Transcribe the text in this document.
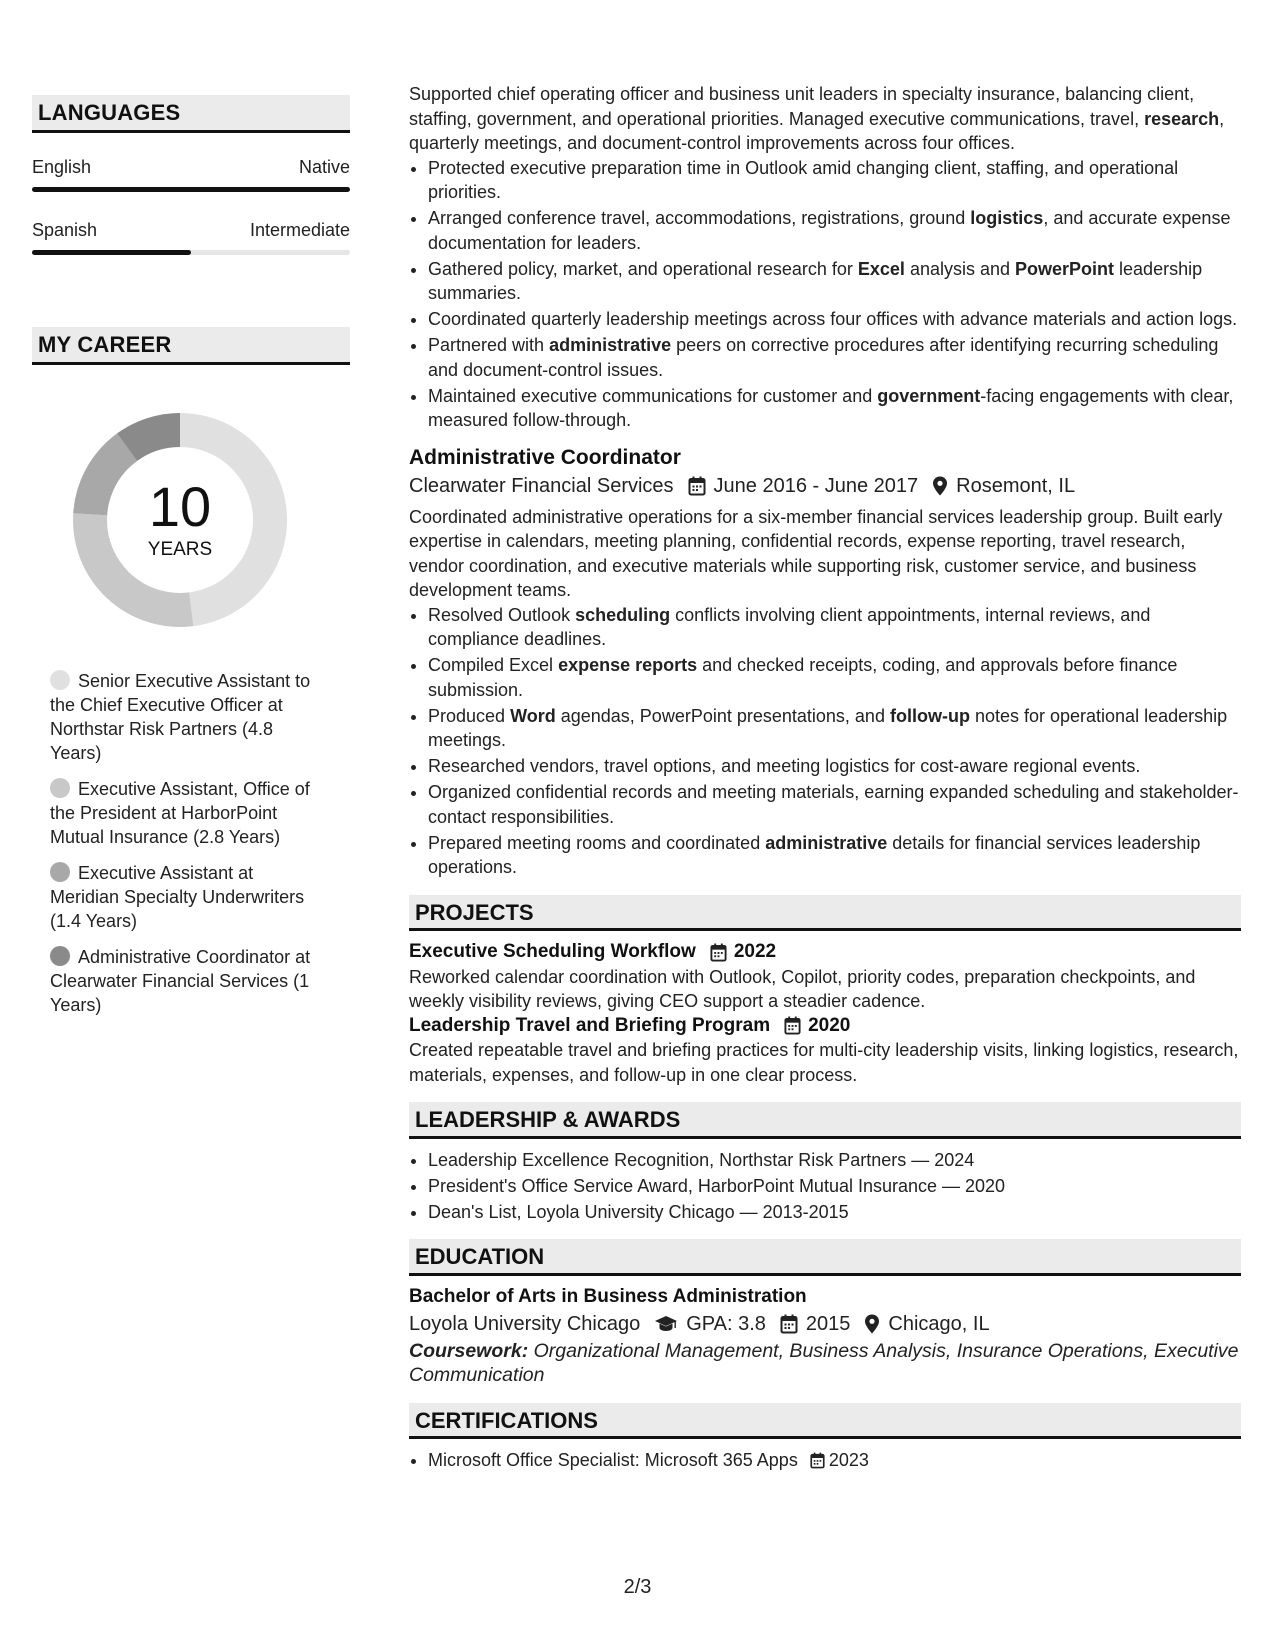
LANGUAGES
English	Native
Spanish	Intermediate
MY CAREER
10
YEARS
Senior Executive Assistant to the Chief Executive Officer at Northstar Risk Partners (4.8 Years)
Executive Assistant, Office of the President at HarborPoint Mutual Insurance (2.8 Years)
Executive Assistant at Meridian Specialty Underwriters (1.4 Years)
Administrative Coordinator at Clearwater Financial Services (1 Years)

Supported chief operating officer and business unit leaders in specialty insurance, balancing client, staffing, government, and operational priorities. Managed executive communications, travel, research, quarterly meetings, and document-control improvements across four offices.

• Protected executive preparation time in Outlook amid changing client, staffing, and operational priorities.
• Arranged conference travel, accommodations, registrations, ground logistics, and accurate expense documentation for leaders.
• Gathered policy, market, and operational research for Excel analysis and PowerPoint leadership summaries.
• Coordinated quarterly leadership meetings across four offices with advance materials and action logs.
• Partnered with administrative peers on corrective procedures after identifying recurring scheduling and document-control issues.
• Maintained executive communications for customer and government-facing engagements with clear, measured follow-through.
Administrative Coordinator
Clearwater Financial Services June 2016 - June 2017 Rosemont, IL

Coordinated administrative operations for a six-member financial services leadership group. Built early expertise in calendars, meeting planning, confidential records, expense reporting, travel research, vendor coordination, and executive materials while supporting risk, customer service, and business development teams.

• Resolved Outlook scheduling conflicts involving client appointments, internal reviews, and compliance deadlines.
• Compiled Excel expense reports and checked receipts, coding, and approvals before finance submission.
• Produced Word agendas, PowerPoint presentations, and follow-up notes for operational leadership meetings.
• Researched vendors, travel options, and meeting logistics for cost-aware regional events.
• Organized confidential records and meeting materials, earning expanded scheduling and stakeholder-contact responsibilities.
• Prepared meeting rooms and coordinated administrative details for financial services leadership operations.
PROJECTS
Executive Scheduling Workflow 2022

Reworked calendar coordination with Outlook, Copilot, priority codes, preparation checkpoints, and weekly visibility reviews, giving CEO support a steadier cadence.

Leadership Travel and Briefing Program 2020

Created repeatable travel and briefing practices for multi-city leadership visits, linking logistics, research, materials, expenses, and follow-up in one clear process.

LEADERSHIP & AWARDS
• Leadership Excellence Recognition, Northstar Risk Partners — 2024
• President's Office Service Award, HarborPoint Mutual Insurance — 2020
• Dean's List, Loyola University Chicago — 2013-2015
EDUCATION
Bachelor of Arts in Business Administration
Loyola University Chicago GPA: 3.8 2015 Chicago, IL

Coursework: Organizational Management, Business Analysis, Insurance Operations, Executive Communication

CERTIFICATIONS
• Microsoft Office Specialist: Microsoft 365 Apps 2023
2/3
